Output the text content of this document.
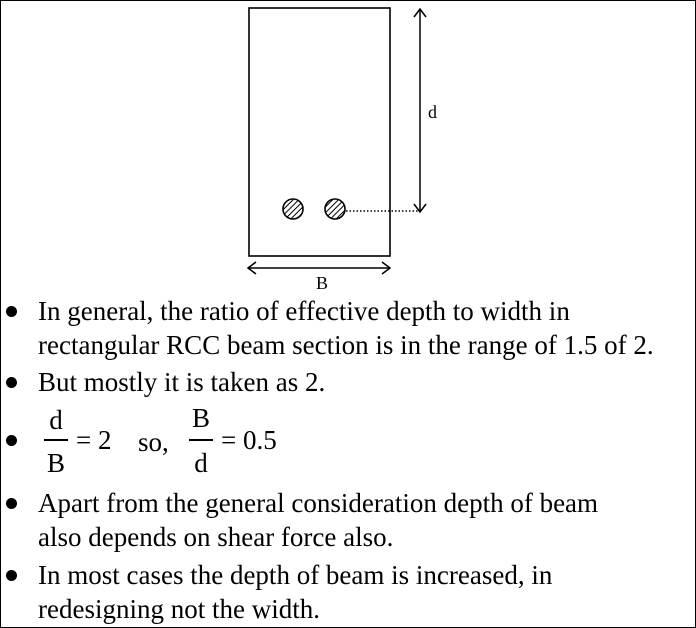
d
B
In general, the ratio of effective depth to width in
rectangular RCC beam section is in the range of 1.5 of 2.
But mostly it is taken as 2.
d
B
= 2 so,
B
d
= 0.5
Apart from the general consideration depth of beam
also depends on shear force also.
In most cases the depth of beam is increased, in
redesigning not the width.
